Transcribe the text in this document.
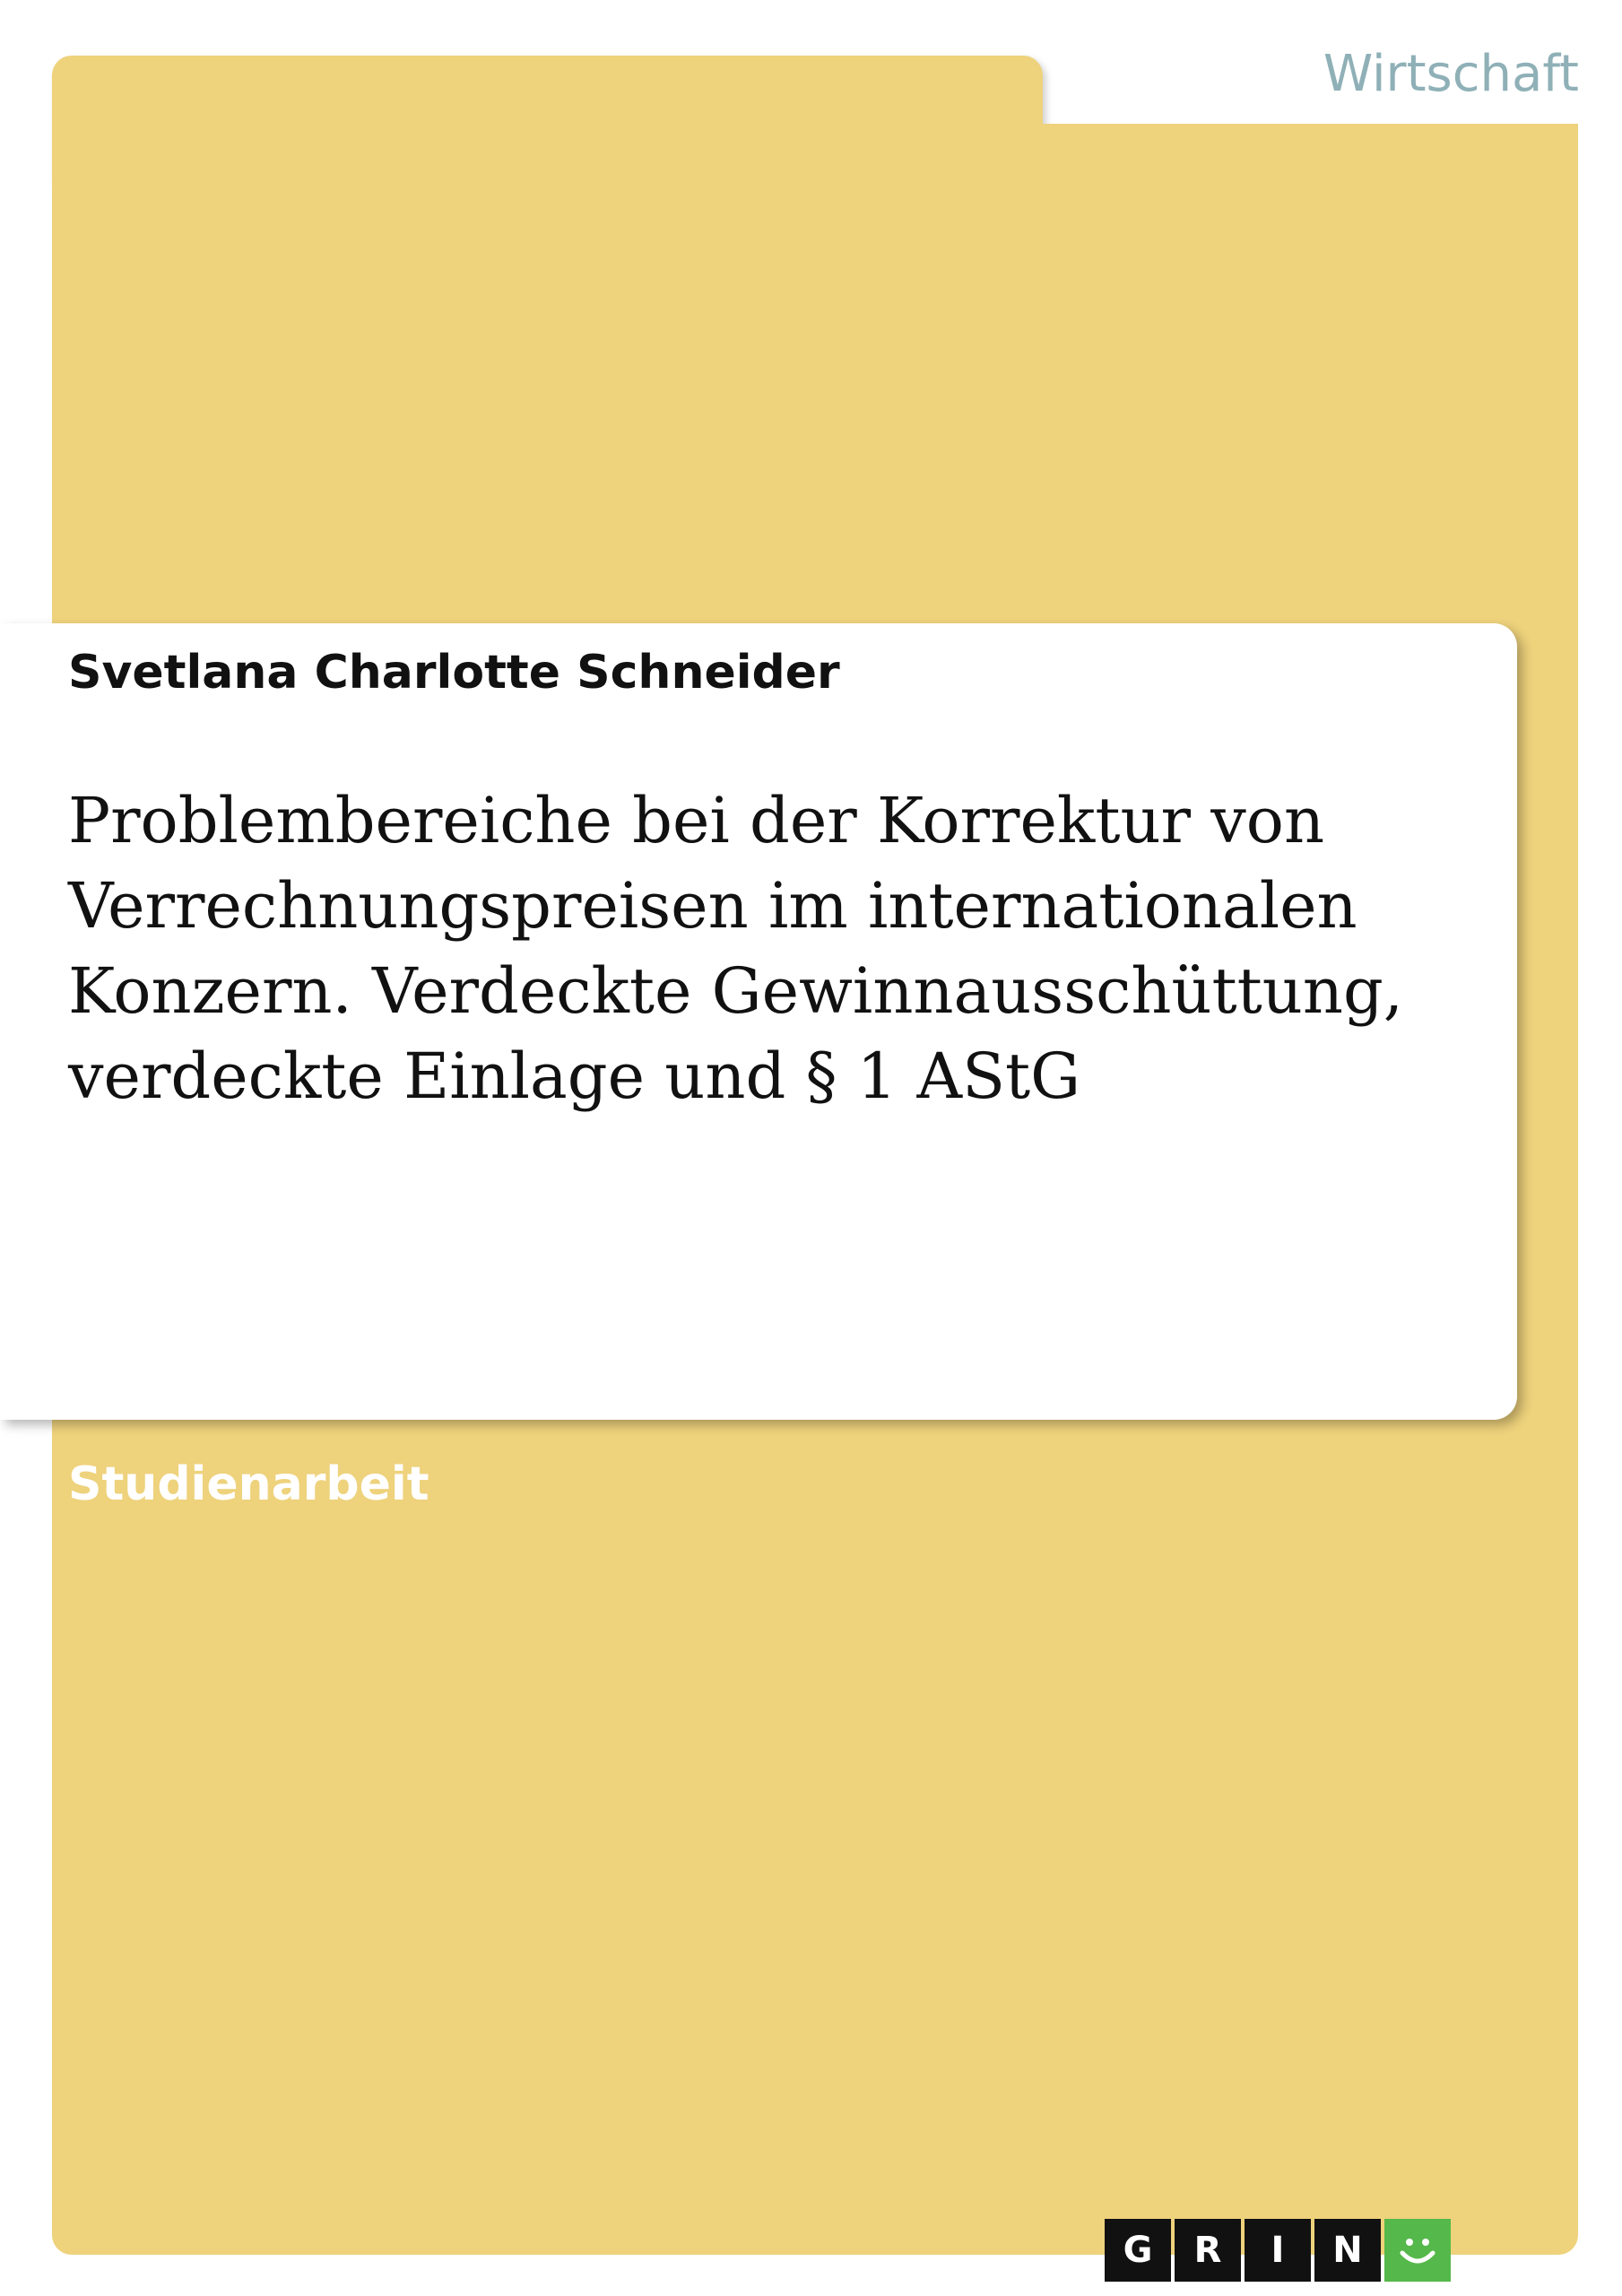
Wirtschaft
Svetlana Charlotte Schneider
Problembereiche bei der Korrektur von Verrechnungspreisen im internationalen Konzern. Verdeckte Gewinnausschüttung, verdeckte Einlage und § 1 AStG
Studienarbeit
G	R	I	N
